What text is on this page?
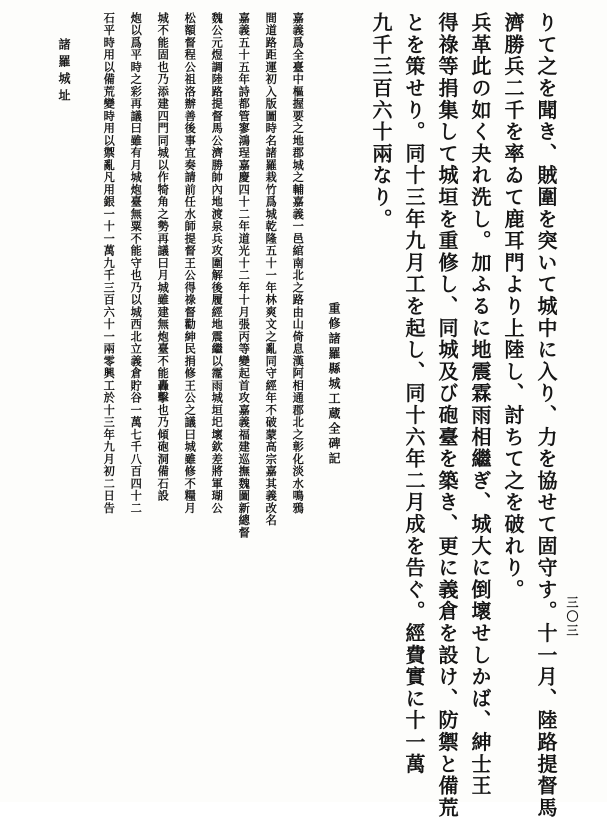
りて之を聞き、賊圍を突いて城中に入り、力を協せて固守す。十一月、陸路提督馬

濟勝兵二千を率ゐて鹿耳門より上陸し、討ちて之を破れり。

兵革此の如く夬れ洗し。加ふるに地震霖雨相繼ぎ、城大に倒壞せしかば、紳士王

得祿等捐集して城垣を重修し、同城及び砲臺を築き、更に義倉を設け、防禦と備荒

とを策せり。同十三年九月工を起し、同十六年二月成を告ぐ。經費實に十一萬

九千三百六十兩なり。

重修諸羅縣城工蔵全碑記

嘉義爲全臺中樞握要之地郡城之輔嘉義一邑綰南北之路由山倚息漢阿相通郡北之彰化淡水鳴鴉

間道路距運初入版圖時名諸羅栽竹爲城乾隆五十一年林爽文之亂同守經年不破蒙高宗嘉其義改名

嘉義五十五年詩都管寥鴻珵嘉慶四十二年道光十二年十月張丙等變起首攻嘉義福建巡撫魏圖新總督

魏公元煜調陸路提督馬公濟勝帥內地渡泉兵攻圍解後履經地震繼以霪雨城垣圯壞欽差將軍瑚公

松額督程公祖洛辦善後事宜奏請前任水師提督王公得祿督勸紳民捐修王公之議曰城雖修不糧月

城不能固也乃添建四門同城以作犄角之勢再議曰月城雖建無炮臺不能轟擊也乃傾砲洞備石設

炮以爲平時之彩再議曰雖有月城炮臺無粟不能守也乃以城西北立義倉貯谷一萬七千八百四十二

石平時用以備荒變時用以禦亂凡用銀一十一萬九千三百六十一兩零興工於十三年九月初二日告

諸羅城址

三〇三
